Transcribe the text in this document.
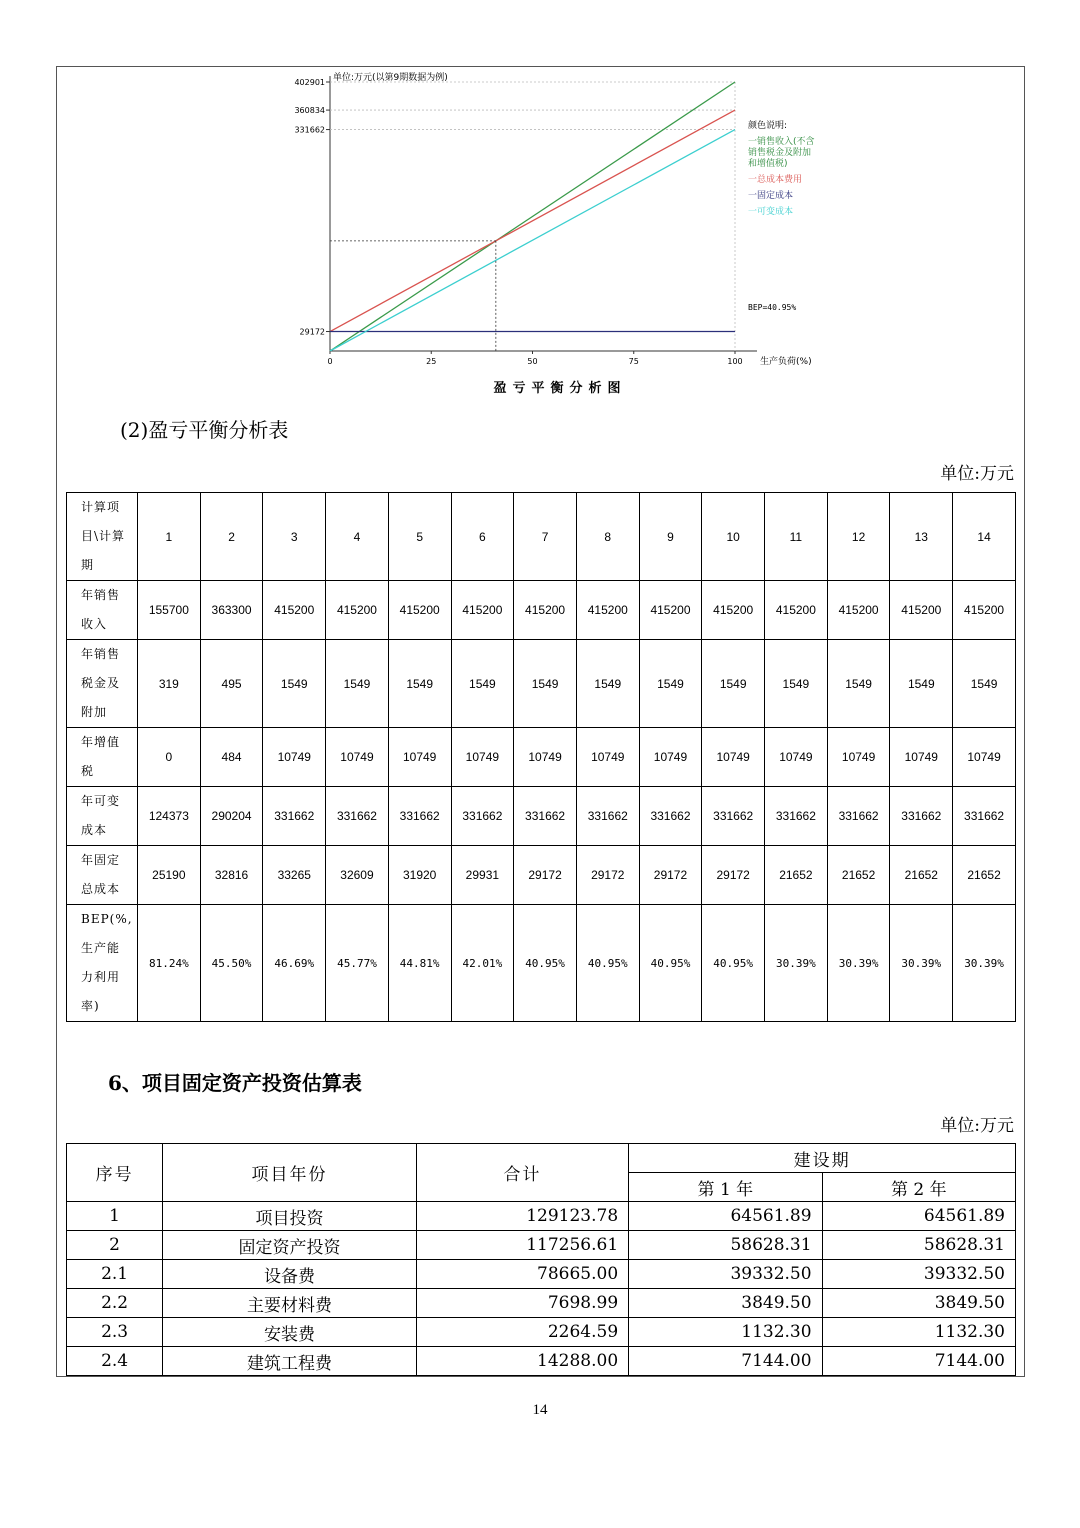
402901
360834
331662
29172
0	25	50	75	100
单位:万元(以第9期数据为例)
生产负荷(%)
颜色说明:
一销售收入(不含
销售税金及附加
和增值税)
一总成本费用
一固定成本
一可变成本
BEP=40.95%
盈亏平衡分析图
(2)盈亏平衡分析表
单位:万元
计算项
目\计算
期	1	2	3	4	5	6	7	8	9	10	11	12	13	14

年销售
收入	155700	363300	415200	415200	415200	415200	415200	415200	415200	415200	415200	415200	415200	415200

年销售
税金及
附加	319	495	1549	1549	1549	1549	1549	1549	1549	1549	1549	1549	1549	1549

年增值
税	0	484	10749	10749	10749	10749	10749	10749	10749	10749	10749	10749	10749	10749

年可变
成本	124373	290204	331662	331662	331662	331662	331662	331662	331662	331662	331662	331662	331662	331662

年固定
总成本	25190	32816	33265	32609	31920	29931	29172	29172	29172	29172	21652	21652	21652	21652

BEP(%,
生产能
力利用
率)	81.24%	45.50%	46.69%	45.77%	44.81%	42.01%	40.95%	40.95%	40.95%	40.95%	30.39%	30.39%	30.39%	30.39%
6、项目固定资产投资估算表
单位:万元
序号	项目年份	合计	建设期	
			第 1 年	第 2 年
1	项目投资	129123.78	64561.89	64561.89
2	固定资产投资	117256.61	58628.31	58628.31
2.1	设备费	78665.00	39332.50	39332.50
2.2	主要材料费	7698.99	3849.50	3849.50
2.3	安装费	2264.59	1132.30	1132.30
2.4	建筑工程费	14288.00	7144.00	7144.00
14
